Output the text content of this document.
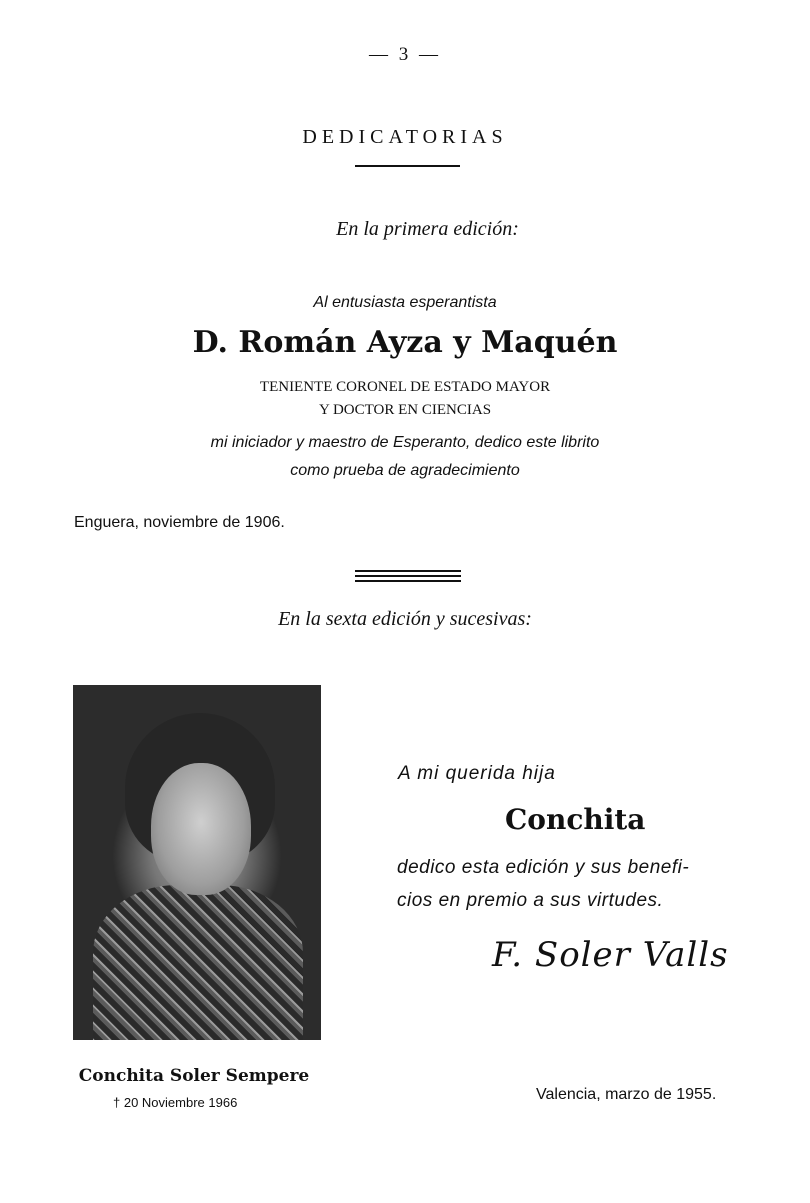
— 3 —
DEDICATORIAS
En la primera edición:
Al entusiasta esperantista
D. Román Ayza y Maquén
TENIENTE CORONEL DE ESTADO MAYOR
Y DOCTOR EN CIENCIAS
mi iniciador y maestro de Esperanto, dedico este librito
como prueba de agradecimiento
Enguera, noviembre de 1906.
En la sexta edición y sucesivas:
Conchita Soler Sempere
† 20 Noviembre 1966
A mi querida hija
Conchita
dedico esta edición y sus benefi-
cios en premio a sus virtudes.
F. Soler Valls
Valencia, marzo de 1955.
